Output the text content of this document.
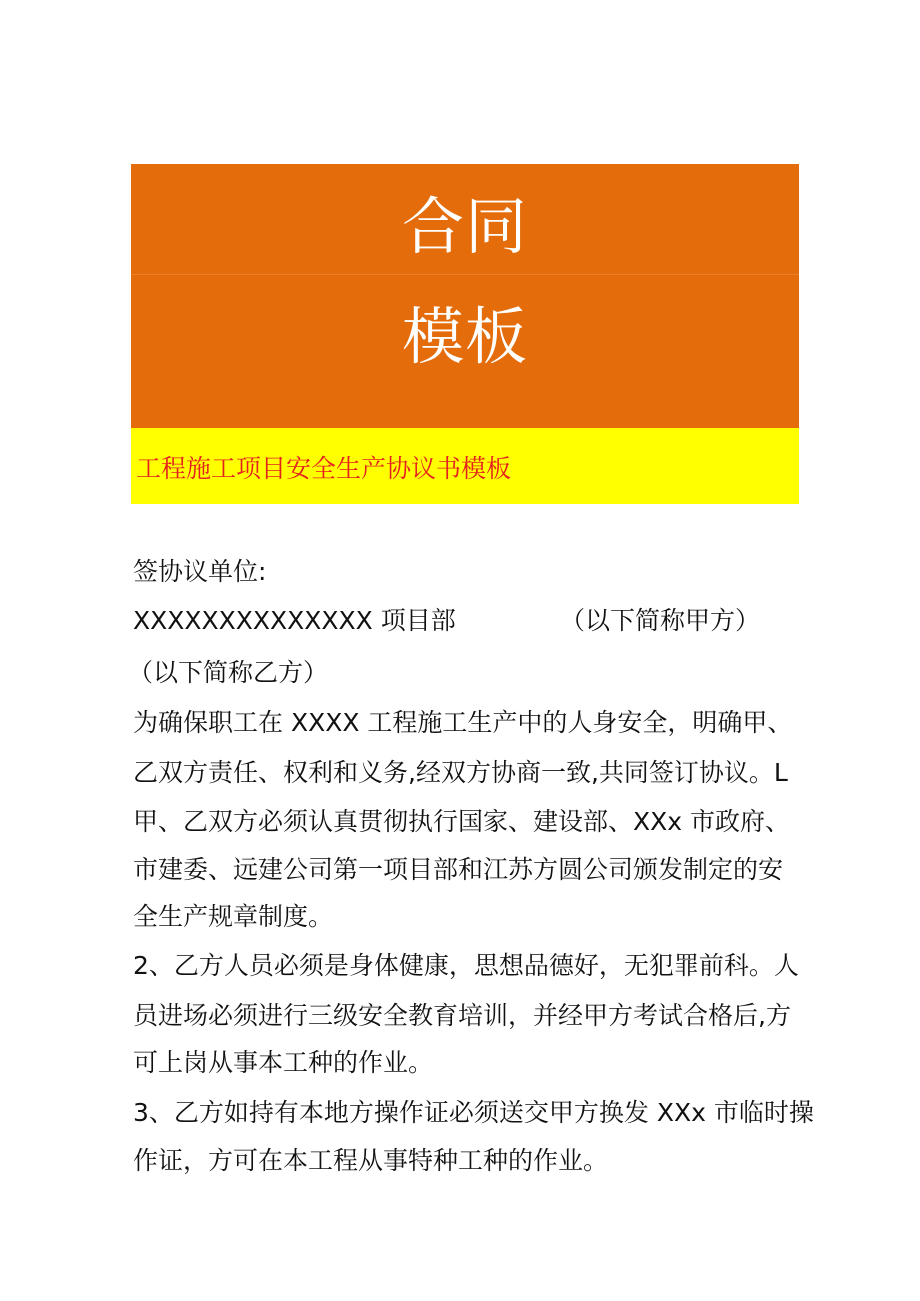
合同
模板
工程施工项目安全生产协议书模板
签协议单位:
XXXXXXXXXXXXXX 项目部	（以下简称甲方）
（以下简称乙方）
为确保职工在 XXXX 工程施工生产中的人身安全，明确甲、
乙双方责任、权利和义务,经双方协商一致,共同签订协议。L
甲、乙双方必须认真贯彻执行国家、建设部、XXx 市政府、
市建委、远建公司第一项目部和江苏方圆公司颁发制定的安
全生产规章制度。
2、乙方人员必须是身体健康，思想品德好，无犯罪前科。人
员进场必须进行三级安全教育培训，并经甲方考试合格后,方
可上岗从事本工种的作业。
3、乙方如持有本地方操作证必须送交甲方换发 XXx 市临时操
作证，方可在本工程从事特种工种的作业。
